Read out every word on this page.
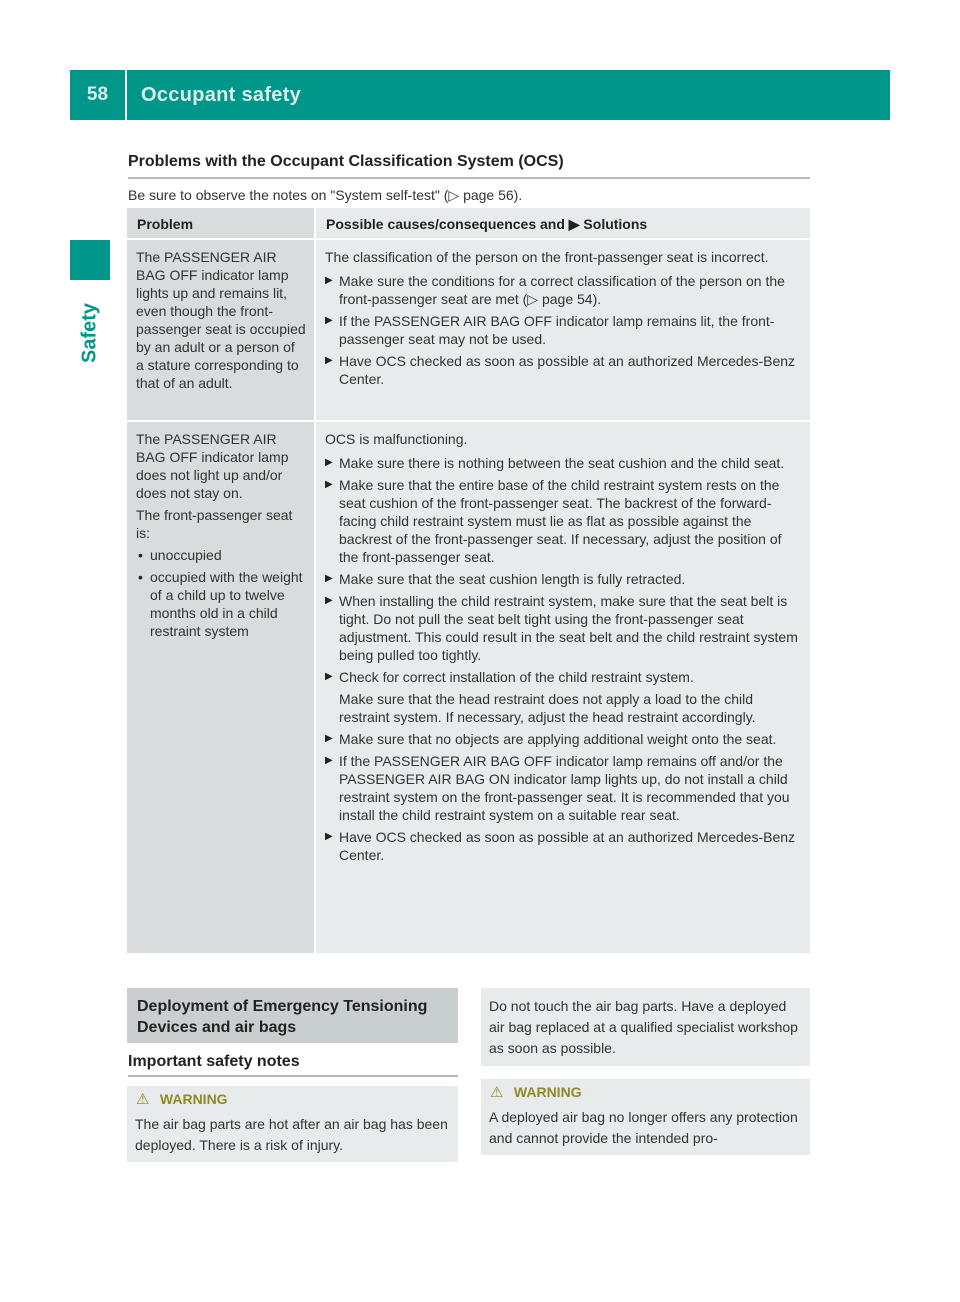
58	Occupant safety
Safety
Problems with the Occupant Classification System (OCS)
Be sure to observe the notes on "System self-test" (▷ page 56).
Problem	Possible causes/consequences and ▶ Solutions

The PASSENGER AIR BAG OFF indicator lamp lights up and remains lit, even though the front-passenger seat is occupied by an adult or a person of a stature corresponding to that of an adult.

The classification of the person on the front-passenger seat is incorrect.

▶ Make sure the conditions for a correct classification of the person on the front-passenger seat are met (▷ page 54).
▶ If the PASSENGER AIR BAG OFF indicator lamp remains lit, the front-passenger seat may not be used.
▶ Have OCS checked as soon as possible at an authorized Mercedes-Benz Center.

The PASSENGER AIR BAG OFF indicator lamp does not light up and/or does not stay on.

The front-passenger seat is:

• unoccupied
• occupied with the weight of a child up to twelve months old in a child restraint system

OCS is malfunctioning.

▶ Make sure there is nothing between the seat cushion and the child seat.
▶ Make sure that the entire base of the child restraint system rests on the seat cushion of the front-passenger seat. The backrest of the forward-facing child restraint system must lie as flat as possible against the backrest of the front-passenger seat. If necessary, adjust the position of the front-passenger seat.
▶ Make sure that the seat cushion length is fully retracted.
▶ When installing the child restraint system, make sure that the seat belt is tight. Do not pull the seat belt tight using the front-passenger seat adjustment. This could result in the seat belt and the child restraint system being pulled too tightly.
▶ Check for correct installation of the child restraint system.
Make sure that the head restraint does not apply a load to the child restraint system. If necessary, adjust the head restraint accordingly.
▶ Make sure that no objects are applying additional weight onto the seat.
▶ If the PASSENGER AIR BAG OFF indicator lamp remains off and/or the PASSENGER AIR BAG ON indicator lamp lights up, do not install a child restraint system on the front-passenger seat. It is recommended that you install the child restraint system on a suitable rear seat.
▶ Have OCS checked as soon as possible at an authorized Mercedes-Benz Center.
Deployment of Emergency Tensioning Devices and air bags
Important safety notes
⚠ WARNING
The air bag parts are hot after an air bag has been deployed. There is a risk of injury.
Do not touch the air bag parts. Have a deployed air bag replaced at a qualified specialist workshop as soon as possible.
⚠ WARNING
A deployed air bag no longer offers any protection and cannot provide the intended pro-
